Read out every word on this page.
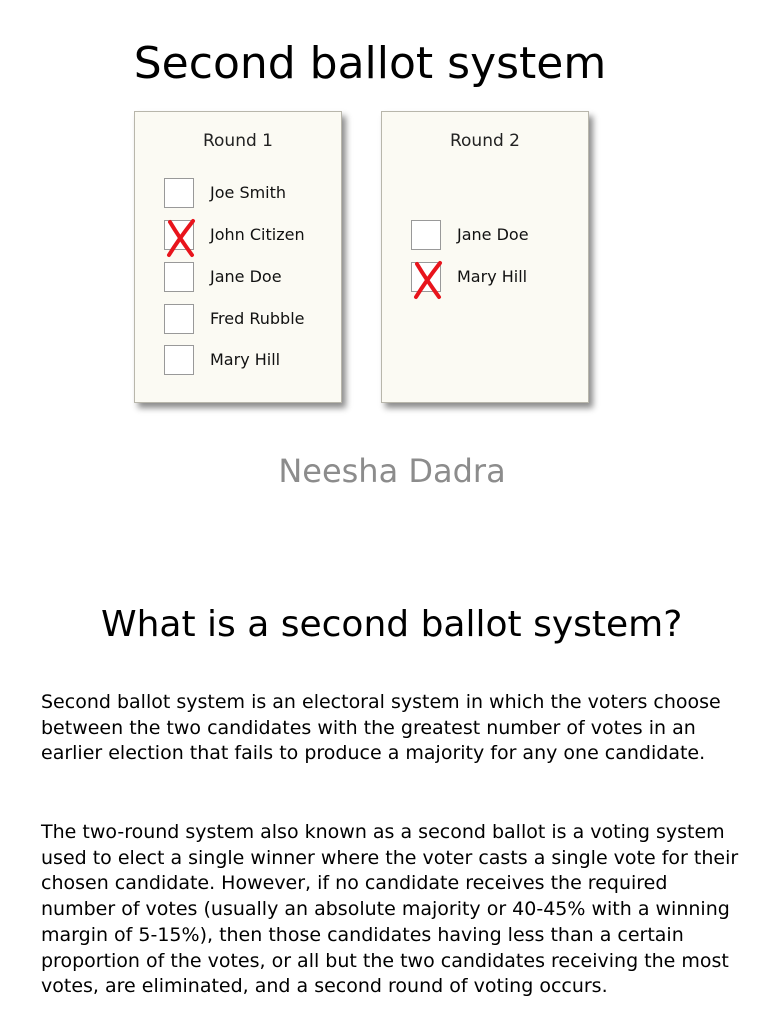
Second ballot system
Round 1
Joe Smith
John Citizen
Jane Doe
Fred Rubble
Mary Hill
Round 2
Jane Doe
Mary Hill
Neesha Dadra
What is a second ballot system?

Second ballot system is an electoral system in which the voters choose between the two candidates with the greatest number of votes in an earlier election that fails to produce a majority for any one candidate.

The two-round system also known as a second ballot is a voting system used to elect a single winner where the voter casts a single vote for their chosen candidate. However, if no candidate receives the required number of votes (usually an absolute majority or 40-45% with a winning margin of 5-15%), then those candidates having less than a certain proportion of the votes, or all but the two candidates receiving the most votes, are eliminated, and a second round of voting occurs.
